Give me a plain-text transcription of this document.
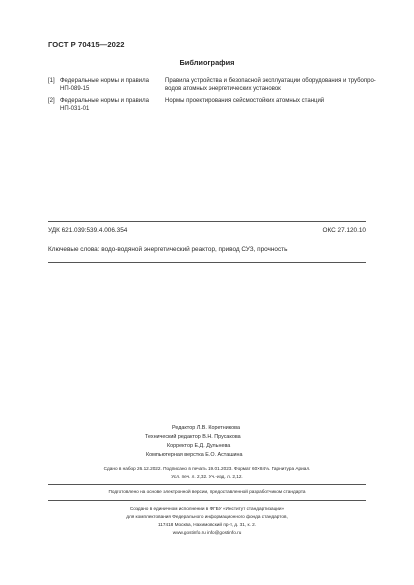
ГОСТ Р 70415—2022
Библиография
[1] Федеральные нормы и правила
НП-089-15
Правила устройства и безопасной эксплуатации оборудования и трубопро-
водов атомных энергетических установок
[2] Федеральные нормы и правила
НП-031-01
Нормы проектирования сейсмостойких атомных станций
УДК 621.039:539.4.006.354	ОКС 27.120.10
Ключевые слова: водо-водяной энергетический реактор, привод СУЗ, прочность
Редактор Л.В. Коретникова
Технический редактор В.Н. Прусакова
Корректор Е.Д. Дульнева
Компьютерная верстка Е.О. Асташина
Сдано в набор 26.12.2022. Подписано в печать 19.01.2023. Формат 60×84⅛. Гарнитура Ариал.
Усл. печ. л. 2,32. Уч.-изд. л. 2,12.
Подготовлено на основе электронной версии, предоставленной разработчиком стандарта
Создано в единичном исполнении в ФГБУ «Институт стандартизации»
для комплектования Федерального информационного фонда стандартов,
117418 Москва, Нахимовский пр-т, д. 31, к. 2.
www.gostinfo.ru info@gostinfo.ru
